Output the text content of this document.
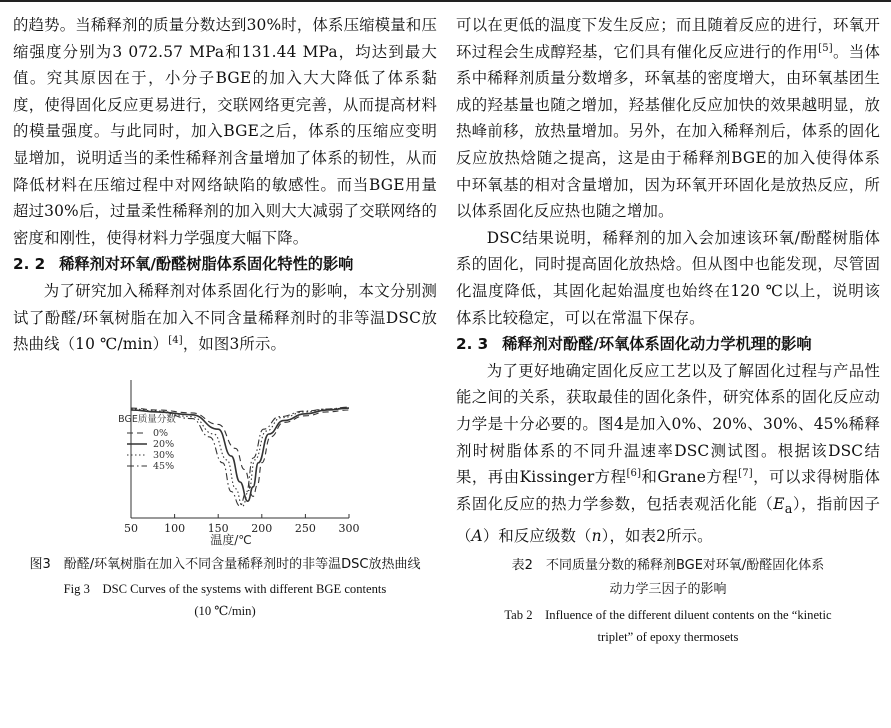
的趋势。当稀释剂的质量分数达到30%时，体系压缩模量和压缩强度分别为3 072.57 MPa和131.44 MPa，均达到最大值。究其原因在于，小分子BGE的加入大大降低了体系黏度，使得固化反应更易进行，交联网络更完善，从而提高材料的模量强度。与此同时，加入BGE之后，体系的压缩应变明显增加，说明适当的柔性稀释剂含量增加了体系的韧性，从而降低材料在压缩过程中对网络缺陷的敏感性。而当BGE用量超过30%后，过量柔性稀释剂的加入则大大减弱了交联网络的密度和刚性，使得材料力学强度大幅下降。

2. 2 稀释剂对环氧/酚醛树脂体系固化特性的影响

为了研究加入稀释剂对体系固化行为的影响，本文分别测试了酚醛/环氧树脂在加入不同含量稀释剂时的非等温DSC放热曲线（10 ℃/min）[4]，如图3所示。

BGE质量分数
0%
20%
30%
45%
50 100 150 200 250 300
温度/℃

图3　酚醛/环氧树脂在加入不同含量稀释剂时的非等温DSC放热曲线

Fig 3　DSC Curves of the systems with different BGE contents

(10 ℃/min)

可以在更低的温度下发生反应；而且随着反应的进行，环氧开环过程会生成醇羟基，它们具有催化反应进行的作用[5]。当体系中稀释剂质量分数增多，环氧基的密度增大，由环氧基团生成的羟基量也随之增加，羟基催化反应加快的效果越明显，放热峰前移，放热量增加。另外，在加入稀释剂后，体系的固化反应放热焓随之提高，这是由于稀释剂BGE的加入使得体系中环氧基的相对含量增加，因为环氧开环固化是放热反应，所以体系固化反应热也随之增加。

DSC结果说明，稀释剂的加入会加速该环氧/酚醛树脂体系的固化，同时提高固化放热焓。但从图中也能发现，尽管固化温度降低，其固化起始温度也始终在120 ℃以上，说明该体系比较稳定，可以在常温下保存。

2. 3 稀释剂对酚醛/环氧体系固化动力学机理的影响

为了更好地确定固化反应工艺以及了解固化过程与产品性能之间的关系，获取最佳的固化条件，研究体系的固化反应动力学是十分必要的。图4是加入0%、20%、30%、45%稀释剂时树脂体系的不同升温速率DSC测试图。根据该DSC结果，再由Kissinger方程[6]和Grane方程[7]，可以求得树脂体系固化反应的热力学参数，包括表观活化能$(E_a)$，指前因子（A）和反应级数（n），如表2所示。

表2　不同质量分数的稀释剂BGE对环氧/酚醛固化体系

动力学三因子的影响

Tab 2　Influence of the different diluent contents on the “kinetic

triplet” of epoxy thermosets
